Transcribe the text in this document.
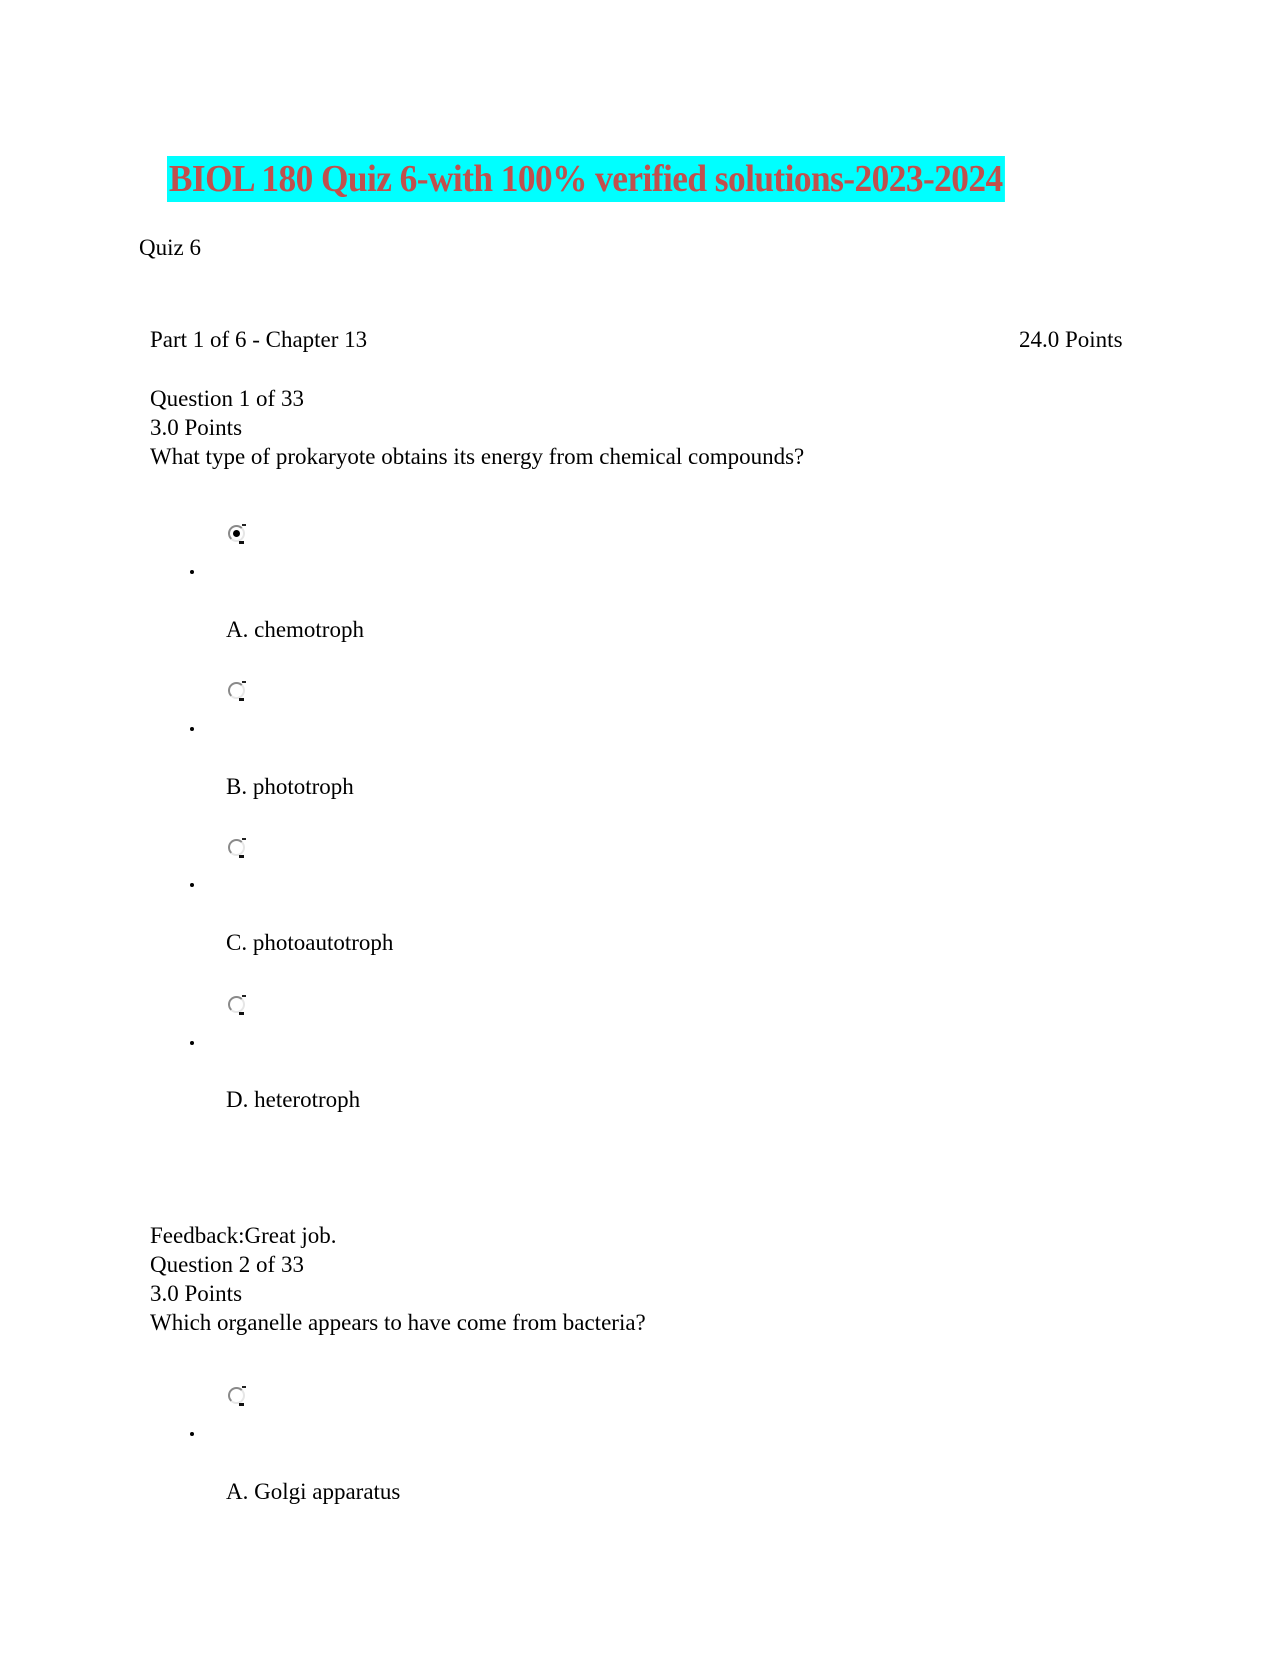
BIOL 180 Quiz 6-with 100% verified solutions-2023-2024
Quiz 6
Part 1 of 6 - Chapter 13	24.0 Points
Question 1 of 33
3.0 Points
What type of prokaryote obtains its energy from chemical compounds?
A. chemotroph
B. phototroph
C. photoautotroph
D. heterotroph
Feedback:Great job.
Question 2 of 33
3.0 Points
Which organelle appears to have come from bacteria?
A. Golgi apparatus
